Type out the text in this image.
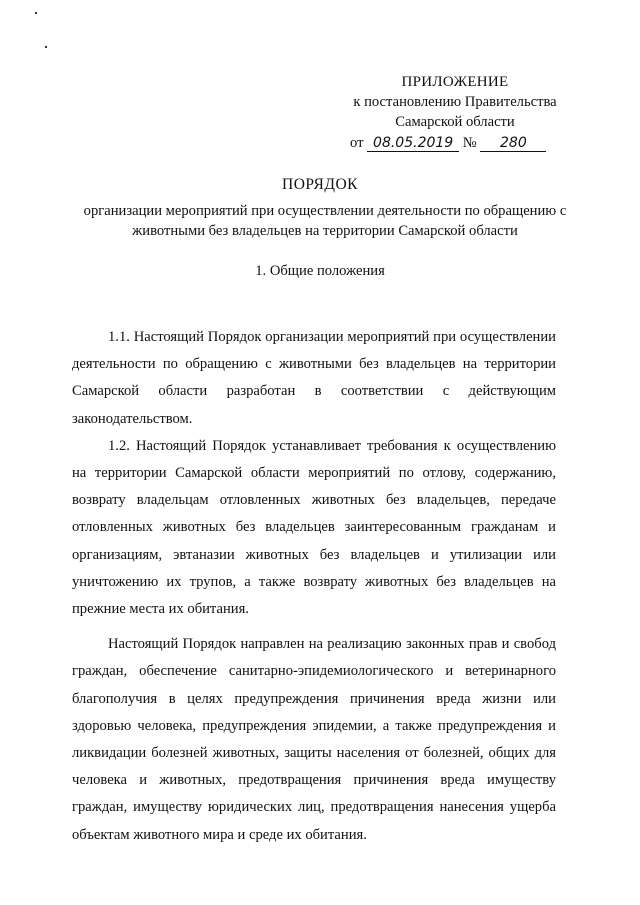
ПРИЛОЖЕНИЕ
к постановлению Правительства
Самарской области
от 08.05.2019 № 280
ПОРЯДОК
организации мероприятий при осуществлении деятельности по обращению с животными без владельцев на территории Самарской области
1. Общие положения

1.1. Настоящий Порядок организации мероприятий при осуществлении деятельности по обращению с животными без владельцев на территории Самарской области разработан в соответствии с действующим законодательством.

1.2. Настоящий Порядок устанавливает требования к осуществлению на территории Самарской области мероприятий по отлову, содержанию, возврату владельцам отловленных животных без владельцев, передаче отловленных животных без владельцев заинтересованным гражданам и организациям, эвтаназии животных без владельцев и утилизации или уничтожению их трупов, а также возврату животных без владельцев на прежние места их обитания.

Настоящий Порядок направлен на реализацию законных прав и свобод граждан, обеспечение санитарно-эпидемиологического и ветеринарного благополучия в целях предупреждения причинения вреда жизни или здоровью человека, предупреждения эпидемии, а также предупреждения и ликвидации болезней животных, защиты населения от болезней, общих для человека и животных, предотвращения причинения вреда имуществу граждан, имуществу юридических лиц, предотвращения нанесения ущерба объектам животного мира и среде их обитания.
